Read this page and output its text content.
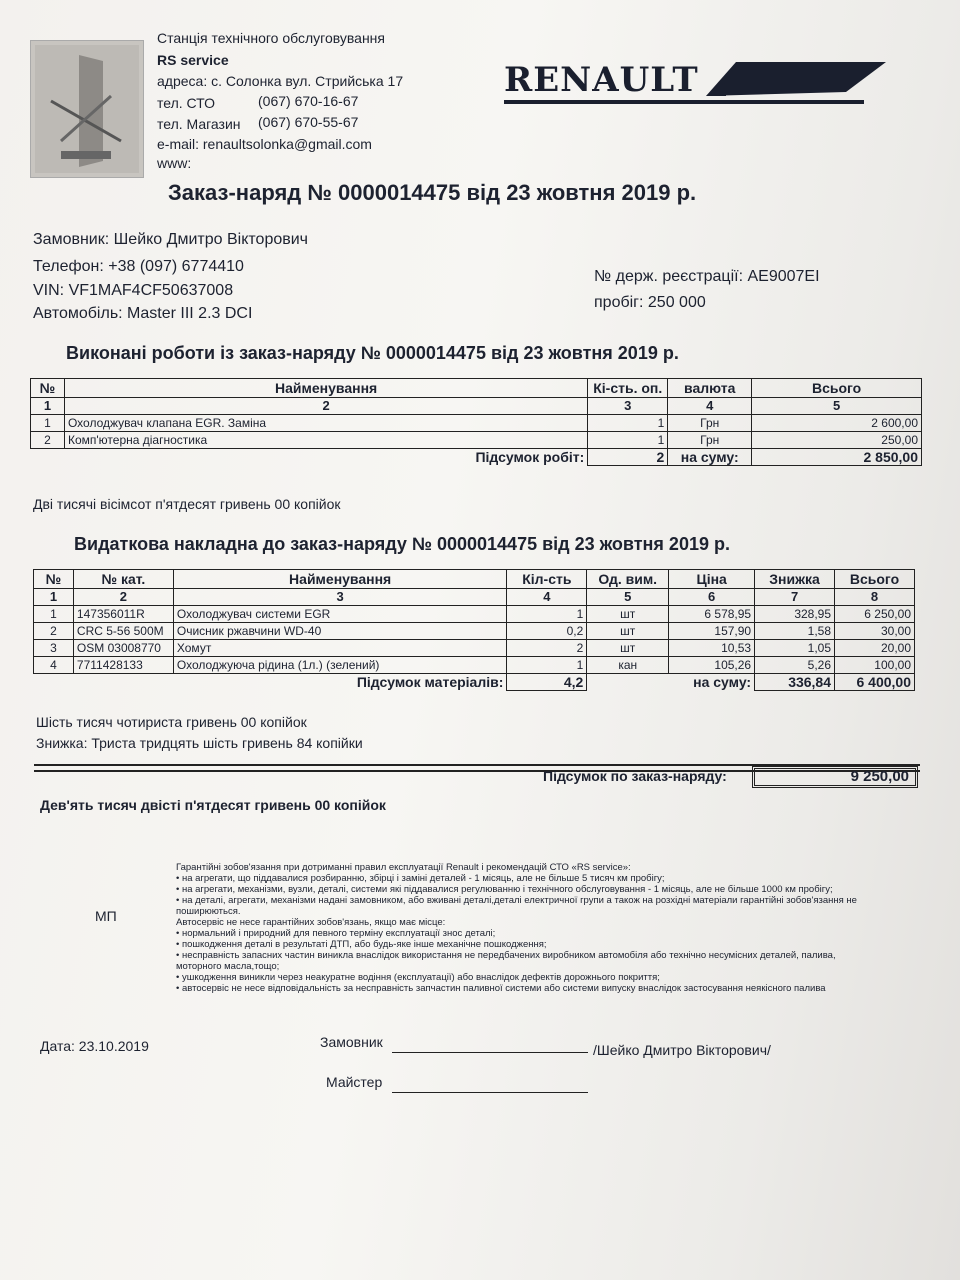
Станція технічного обслуговування
RS service
адреса: с. Солонка вул. Стрийська 17
тел. СТО	(067) 670-16-67
тел. Магазин (067) 670-55-67
e-mail: renaultsolonka@gmail.com
www:
RENAULT
Заказ-наряд № 0000014475 від 23 жовтня 2019 р.
Замовник: Шейко Дмитро Вікторович
Телефон: +38 (097) 6774410
VIN: VF1MAF4CF50637008
Автомобіль: Master III 2.3 DCI
№ держ. реєстрації: AE9007EI
пробіг: 250 000
Виконані роботи із заказ-наряду № 0000014475 від 23 жовтня 2019 р.
№	Найменування	Кі-сть. оп.	валюта	Всього
1	2	3	4	5
1	Охолоджувач клапана EGR. Заміна	1	Грн	2 600,00
2	Комп'ютерна діагностика	1	Грн	250,00
	Підсумок робіт:	2	на суму:	2 850,00
Дві тисячі вісімсот п'ятдесят гривень 00 копійок
Видаткова накладна до заказ-наряду № 0000014475 від 23 жовтня 2019 р.
№	№ кат.	Найменування	Кіл-сть	Од. вим.	Ціна	Знижка	Всього
1	2	3	4	5	6	7	8
1	147356011R	Охолоджувач системи EGR	1	шт	6 578,95	328,95	6 250,00
2	CRC 5-56 500M	Очисник ржавчини WD-40	0,2	шт	157,90	1,58	30,00
3	OSM 03008770	Хомут	2	шт	10,53	1,05	20,00
4	7711428133	Охолоджуюча рідина (1л.) (зелений)	1	кан	105,26	5,26	100,00
		Підсумок матеріалів:	4,2		на суму:	336,84	6 400,00
Шість тисяч чотириста гривень 00 копійок
Знижка: Триста тридцять шість гривень 84 копійки
Підсумок по заказ-наряду:	9 250,00
Дев'ять тисяч двісті п'ятдесят гривень 00 копійок
МП
Гарантійні зобов'язання при дотриманні правил експлуатації Renault і рекомендацій СТО «RS service»:
• на агрегати, що піддавалися розбиранню, збірці і заміні деталей - 1 місяць, але не більше 5 тисяч км пробігу;
• на агрегати, механізми, вузли, деталі, системи які піддавалися регулюванню і технічного обслуговування - 1 місяць, але не більше 1000 км пробігу;
• на деталі, агрегати, механізми надані замовником, або вживані деталі,деталі електричної групи а також на розхідні матеріали гарантійні зобов'язання не
поширюються.
Автосервіс не несе гарантійних зобов'язань, якщо має місце:
• нормальний і природний для певного терміну експлуатації знос деталі;
• пошкодження деталі в результаті ДТП, або будь-яке інше механічне пошкодження;
• несправність запасних частин виникла внаслідок використання не передбачених виробником автомобіля або технічно несумісних деталей, палива,
моторного масла,тощо;
• ушкодження виникли через неакуратне водіння (експлуатації) або внаслідок дефектів дорожнього покриття;
• автосервіс не несе відповідальність за несправність запчастин паливної системи або системи випуску внаслідок застосування неякісного палива
Дата: 23.10.2019	Замовник	/Шейко Дмитро Вікторович/
Майстер
